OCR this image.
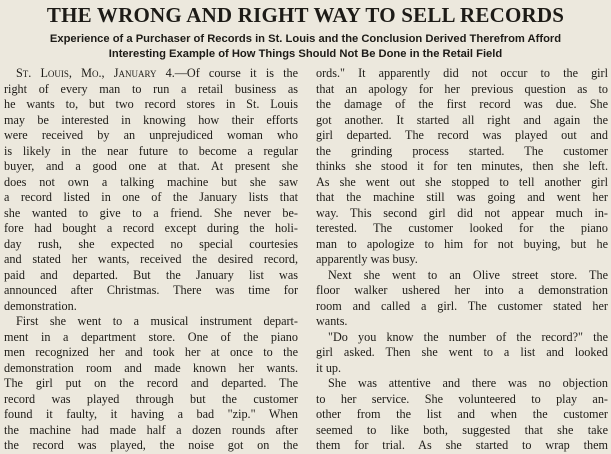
THE WRONG AND RIGHT WAY TO SELL RECORDS
Experience of a Purchaser of Records in St. Louis and the Conclusion Derived Therefrom Afford
Interesting Example of How Things Should Not Be Done in the Retail Field
St. Louis, Mo., January 4.—Of course it is the
right of every man to run a retail business as
he wants to, but two record stores in St. Louis
may be interested in knowing how their efforts
were received by an unprejudiced woman who
is likely in the near future to become a regular
buyer, and a good one at that. At present she
does not own a talking machine but she saw
a record listed in one of the January lists that
she wanted to give to a friend. She never be-
fore had bought a record except during the holi-
day rush, she expected no special courtesies
and stated her wants, received the desired record,
paid and departed. But the January list was
announced after Christmas. There was time for
demonstration.
First she went to a musical instrument depart-
ment in a department store. One of the piano
men recognized her and took her at once to the
demonstration room and made known her wants.
The girl put on the record and departed. The
record was played through but the customer
found it faulty, it having a bad "zip." When
the machine had made half a dozen rounds after
the record was played, the noise got on the
ords." It apparently did not occur to the girl
that an apology for her previous question as to
the damage of the first record was due. She
got another. It started all right and again the
girl departed. The record was played out and
the grinding process started. The customer
thinks she stood it for ten minutes, then she left.
As she went out she stopped to tell another girl
that the machine still was going and went her
way. This second girl did not appear much in-
terested. The customer looked for the piano
man to apologize to him for not buying, but he
apparently was busy.
Next she went to an Olive street store. The
floor walker ushered her into a demonstration
room and called a girl. The customer stated her
wants.
"Do you know the number of the record?" the
girl asked. Then she went to a list and looked
it up.
She was attentive and there was no objection
to her service. She volunteered to play an-
other from the list and when the customer
seemed to like both, suggested that she take
them for trial. As she started to wrap them
